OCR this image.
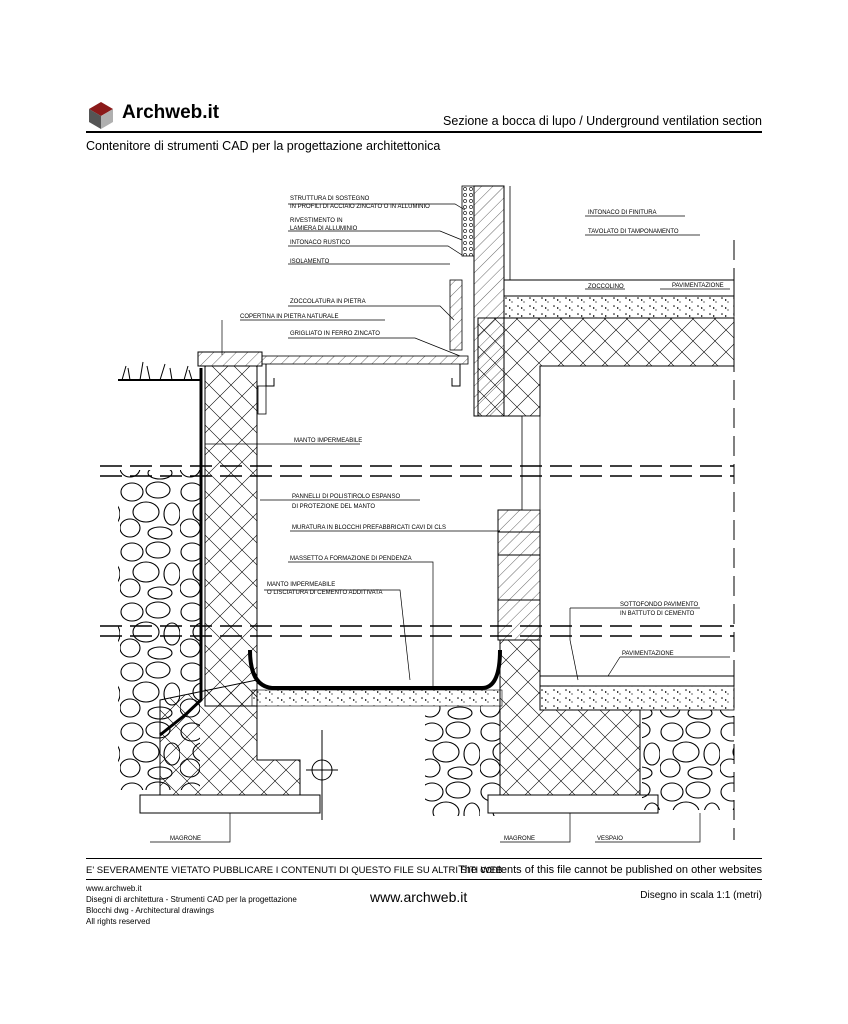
Archweb.it	Sezione a bocca di lupo / Underground ventilation section
Contenitore di strumenti CAD per la progettazione architettonica
STRUTTURA DI SOSTEGNO
IN PROFILI DI ACCIAIO ZINCATO O IN ALLUMINIO
RIVESTIMENTO IN
LAMIERA DI ALLUMINIO
INTONACO RUSTICO
ISOLAMENTO
ZOCCOLATURA IN PIETRA
COPERTINA IN PIETRA NATURALE
GRIGLIATO IN FERRO ZINCATO
INTONACO DI FINITURA
TAVOLATO DI TAMPONAMENTO
ZOCCOLINO	PAVIMENTAZIONE
MANTO IMPERMEABILE
PANNELLI DI POLISTIROLO ESPANSO
DI PROTEZIONE DEL MANTO
MURATURA IN BLOCCHI PREFABBRICATI CAVI DI CLS
MASSETTO A FORMAZIONE DI PENDENZA
MANTO IMPERMEABILE
O LISCIATURA DI CEMENTO ADDITIVATA
SOTTOFONDO PAVIMENTO
IN BATTUTO DI CEMENTO
PAVIMENTAZIONE
MAGRONE	MAGRONE	VESPAIO
E' SEVERAMENTE VIETATO PUBBLICARE I CONTENUTI DI QUESTO FILE SU ALTRI SITI WEB
The contents of this file cannot be published on other websites
www.archweb.it
Disegni di architettura - Strumenti CAD per la progettazione
Blocchi dwg - Architectural drawings
All rights reserved
www.archweb.it	Disegno in scala 1:1 (metri)
